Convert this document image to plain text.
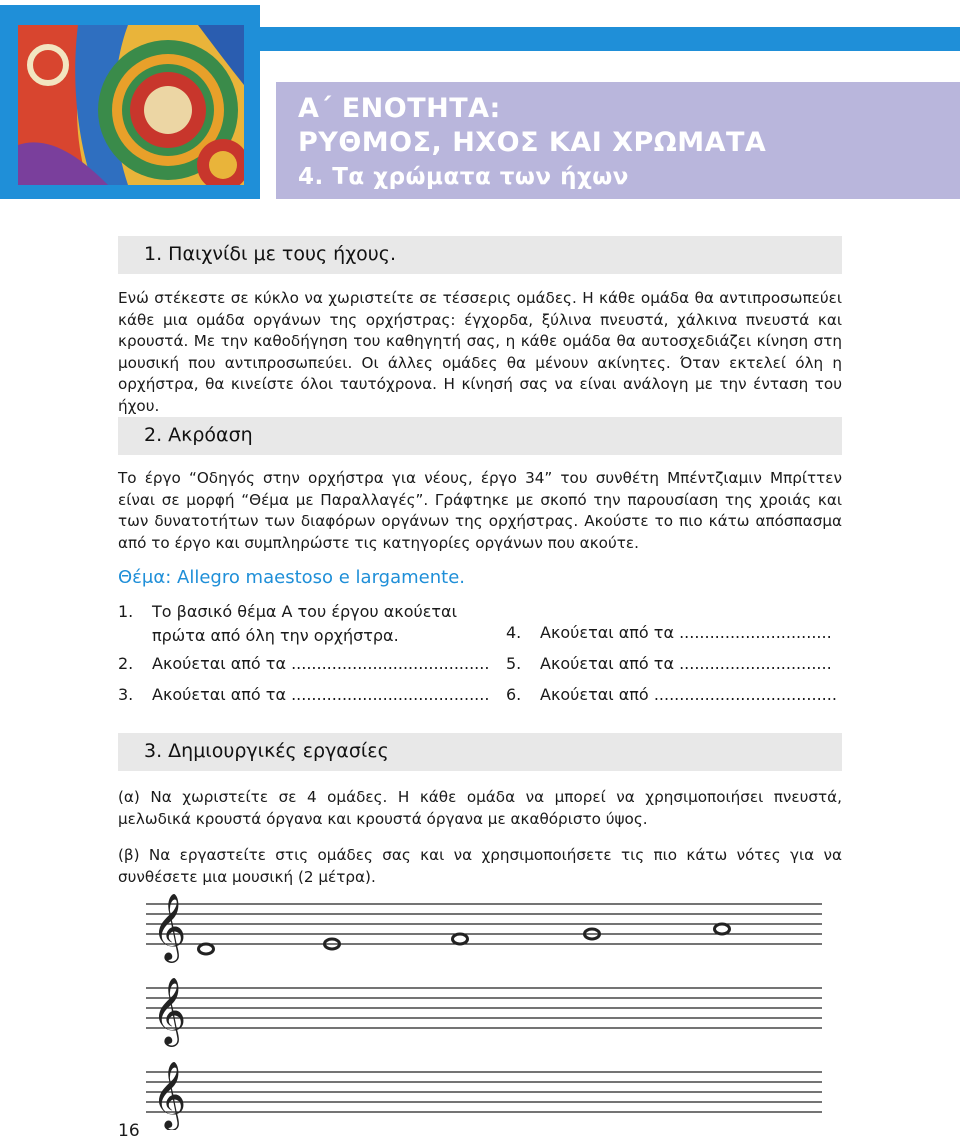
Α΄ ΕΝΟΤΗΤΑ:
ΡΥΘΜΟΣ, ΗΧΟΣ ΚΑΙ ΧΡΩΜΑΤΑ
4. Τα χρώματα των ήχων
1. Παιχνίδι με τους ήχους.
Ενώ στέκεστε σε κύκλο να χωριστείτε σε τέσσερις ομάδες. Η κάθε ομάδα θα αντιπροσωπεύει κάθε μια ομάδα οργάνων της ορχήστρας: έγχορδα, ξύλινα πνευστά, χάλκινα πνευστά και κρουστά. Με την καθοδήγηση του καθηγητή σας, η κάθε ομάδα θα αυτοσχεδιάζει κίνηση στη μουσική που αντιπροσωπεύει. Οι άλλες ομάδες θα μένουν ακίνητες. Όταν εκτελεί όλη η ορχήστρα, θα κινείστε όλοι ταυτόχρονα. Η κίνησή σας να είναι ανάλογη με την ένταση του ήχου.
2. Ακρόαση
Το έργο “Οδηγός στην ορχήστρα για νέους, έργο 34” του συνθέτη Μπέντζιαμιν Μπρίττεν είναι σε μορφή “Θέμα με Παραλλαγές”. Γράφτηκε με σκοπό την παρουσίαση της χροιάς και των δυνατοτήτων των διαφόρων οργάνων της ορχήστρας. Ακούστε το πιο κάτω απόσπασμα από το έργο και συμπληρώστε τις κατηγορίες οργάνων που ακούτε.
Θέμα: Allegro maestoso e largamente.
1. Το βασικό θέμα Α του έργου ακούεται
πρώτα από όλη την ορχήστρα.
2. Ακούεται από τα .......................................
3. Ακούεται από τα .......................................
4. Ακούεται από τα ..............................
5. Ακούεται από τα ..............................
6. Ακούεται από ....................................
3. Δημιουργικές εργασίες
(α) Να χωριστείτε σε 4 ομάδες. Η κάθε ομάδα να μπορεί να χρησιμοποιήσει πνευστά, μελωδικά κρουστά όργανα και κρουστά όργανα με ακαθόριστο ύψος.
(β) Να εργαστείτε στις ομάδες σας και να χρησιμοποιήσετε τις πιο κάτω νότες για να συνθέσετε μια μουσική (2 μέτρα).
𝄞
𝄞
𝄞
16
